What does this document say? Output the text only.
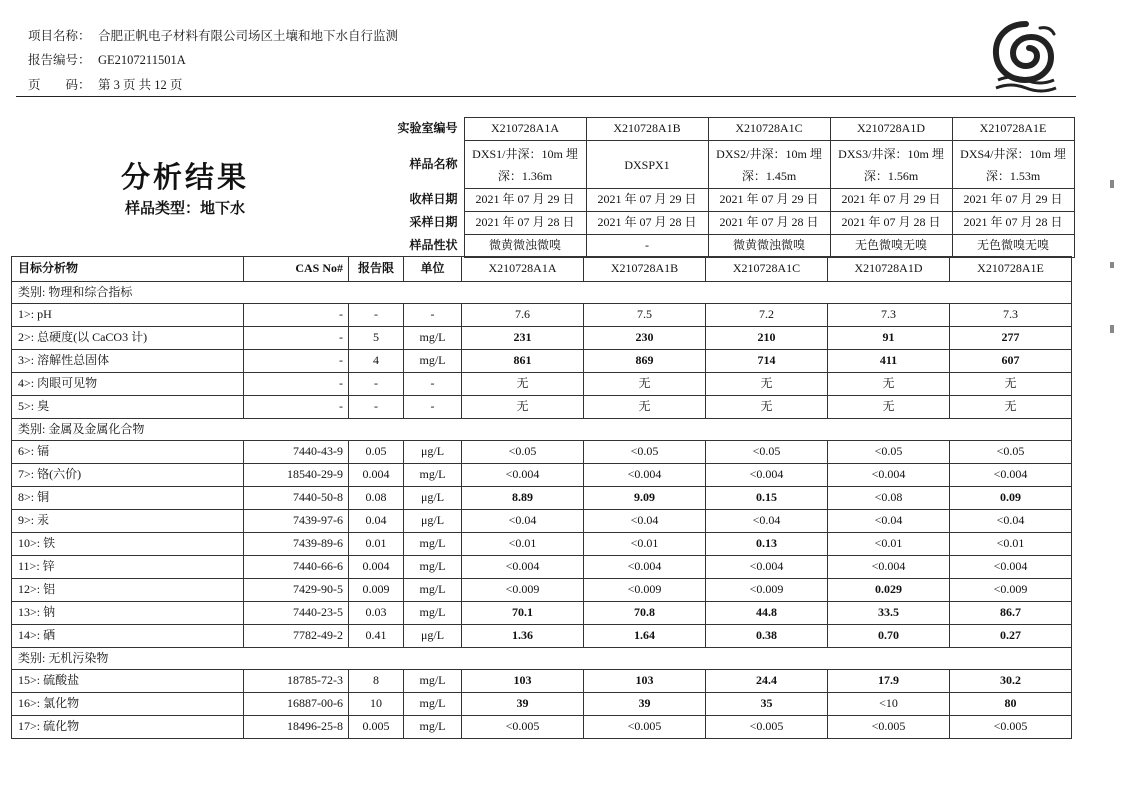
项目名称： 合肥正帆电子材料有限公司场区土壤和地下水自行监测
报告编号： GE2107211501A
页　　码： 第 3 页 共 12 页
分析结果
样品类型：地下水
实验室编号	X210728A1A	X210728A1B	X210728A1C	X210728A1D	X210728A1E
样品名称	DXS1/井深：10m 埋深：1.36m	DXSPX1	DXS2/井深：10m 埋深：1.45m	DXS3/井深：10m 埋深：1.56m	DXS4/井深：10m 埋深：1.53m
收样日期	2021 年 07 月 29 日	2021 年 07 月 29 日	2021 年 07 月 29 日	2021 年 07 月 29 日	2021 年 07 月 29 日
采样日期	2021 年 07 月 28 日	2021 年 07 月 28 日	2021 年 07 月 28 日	2021 年 07 月 28 日	2021 年 07 月 28 日
样品性状	微黄微浊微嗅	-	微黄微浊微嗅	无色微嗅无嗅	无色微嗅无嗅
目标分析物	CAS No#	报告限	单位	X210728A1A	X210728A1B	X210728A1C	X210728A1D	X210728A1E
类别: 物理和综合指标								
1>: pH	-	-	-	7.6	7.5	7.2	7.3	7.3
2>: 总硬度(以 CaCO3 计)	-	5	mg/L	231	230	210	91	277
3>: 溶解性总固体	-	4	mg/L	861	869	714	411	607
4>: 肉眼可见物	-	-	-	无	无	无	无	无
5>: 臭	-	-	-	无	无	无	无	无
类别: 金属及金属化合物								
6>: 镉	7440-43-9	0.05	μg/L	<0.05	<0.05	<0.05	<0.05	<0.05
7>: 铬(六价)	18540-29-9	0.004	mg/L	<0.004	<0.004	<0.004	<0.004	<0.004
8>: 铜	7440-50-8	0.08	μg/L	8.89	9.09	0.15	<0.08	0.09
9>: 汞	7439-97-6	0.04	μg/L	<0.04	<0.04	<0.04	<0.04	<0.04
10>: 铁	7439-89-6	0.01	mg/L	<0.01	<0.01	0.13	<0.01	<0.01
11>: 锌	7440-66-6	0.004	mg/L	<0.004	<0.004	<0.004	<0.004	<0.004
12>: 铝	7429-90-5	0.009	mg/L	<0.009	<0.009	<0.009	0.029	<0.009
13>: 钠	7440-23-5	0.03	mg/L	70.1	70.8	44.8	33.5	86.7
14>: 硒	7782-49-2	0.41	μg/L	1.36	1.64	0.38	0.70	0.27
类别: 无机污染物								
15>: 硫酸盐	18785-72-3	8	mg/L	103	103	24.4	17.9	30.2
16>: 氯化物	16887-00-6	10	mg/L	39	39	35	<10	80
17>: 硫化物	18496-25-8	0.005	mg/L	<0.005	<0.005	<0.005	<0.005	<0.005
